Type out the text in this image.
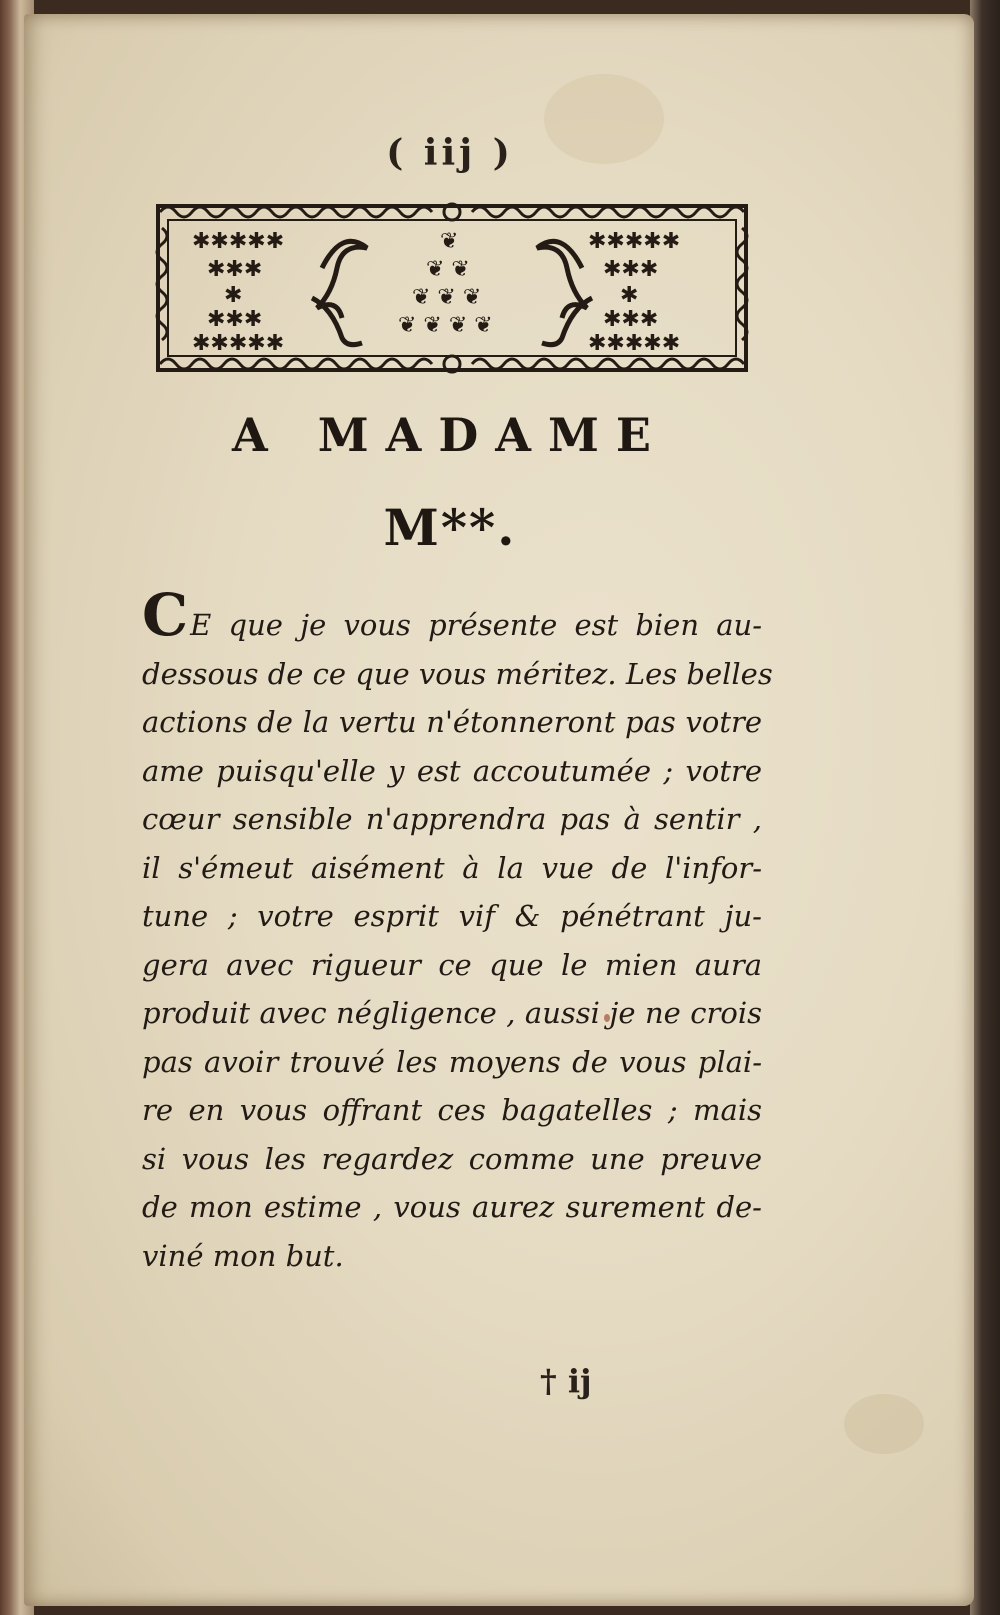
( iij )
✱✱✱✱✱
✱✱✱
✱
✱✱✱
✱✱✱✱✱
✱✱✱✱✱
✱✱✱
✱
✱✱✱
✱✱✱✱✱
❦
❦ ❦
❦ ❦ ❦
❦ ❦ ❦ ❦
A MADAME
M**.
CE que je vous présente est bien au-
dessous de ce que vous méritez. Les belles
actions de la vertu n'étonneront pas votre
ame puisqu'elle y est accoutumée ; votre
cœur sensible n'apprendra pas à sentir ,
il s'émeut aisément à la vue de l'infor-
tune ; votre esprit vif & pénétrant ju-
gera avec rigueur ce que le mien aura
produit avec négligence , aussi je ne crois
pas avoir trouvé les moyens de vous plai-
re en vous offrant ces bagatelles ; mais
si vous les regardez comme une preuve
de mon estime , vous aurez surement de-
viné mon but.
† ij
